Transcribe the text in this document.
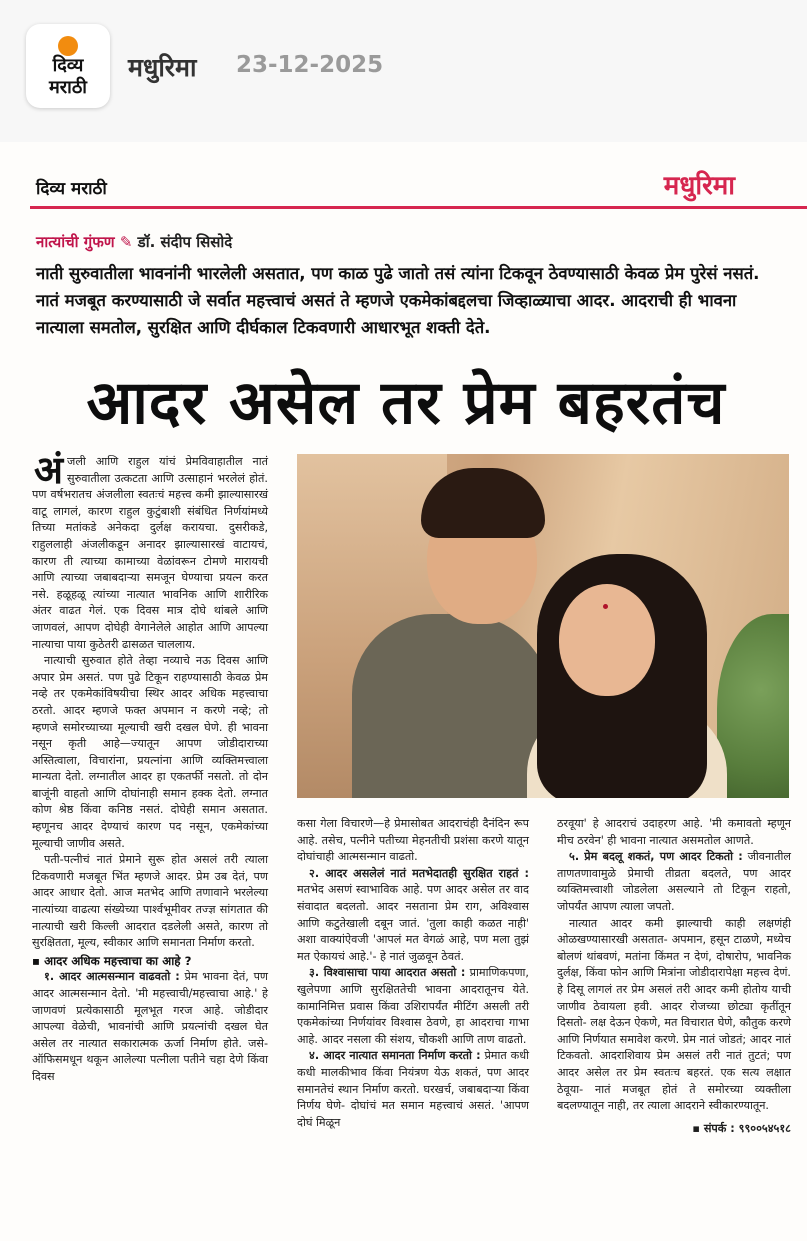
दिव्य
मराठी
मधुरिमा 23-12-2025
दिव्य मराठी	मधुरिमा
नात्यांची गुंफण ✎ डॉ. संदीप सिसोदे
नाती सुरुवातीला भावनांनी भारलेली असतात, पण काळ पुढे जातो तसं त्यांना टिकवून ठेवण्यासाठी केवळ प्रेम पुरेसं नसतं. नातं मजबूत करण्यासाठी जे सर्वात महत्त्वाचं असतं ते म्हणजे एकमेकांबद्दलचा जिव्हाळ्याचा आदर. आदराची ही भावना नात्याला समतोल, सुरक्षित आणि दीर्घकाल टिकवणारी आधारभूत शक्ती देते.
आदर असेल तर प्रेम बहरतंच

अंजली आणि राहुल यांचं प्रेमविवाहातील नातं सुरुवातीला उत्कटता आणि उत्साहानं भरलेलं होतं. पण वर्षभरातच अंजलीला स्वतःचं महत्त्व कमी झाल्यासारखं वाटू लागलं, कारण राहुल कुटुंबाशी संबंधित निर्णयांमध्ये तिच्या मतांकडे अनेकदा दुर्लक्ष करायचा. दुसरीकडे, राहुललाही अंजलीकडून अनादर झाल्यासारखं वाटायचं, कारण ती त्याच्या कामाच्या वेळांवरून टोमणे मारायची आणि त्याच्या जबाबदाऱ्या समजून घेण्याचा प्रयत्न करत नसे. हळूहळू त्यांच्या नात्यात भावनिक आणि शारीरिक अंतर वाढत गेलं. एक दिवस मात्र दोघे थांबले आणि जाणवलं, आपण दोघेही वेगानेलेले आहोत आणि आपल्या नात्याचा पाया कुठेतरी ढासळत चाललाय.

नात्याची सुरुवात होते तेव्हा नव्याचे नऊ दिवस आणि अपार प्रेम असतं. पण पुढे टिकून राहण्यासाठी केवळ प्रेम नव्हे तर एकमेकांविषयीचा स्थिर आदर अधिक महत्त्वाचा ठरतो. आदर म्हणजे फक्त अपमान न करणे नव्हे; तो म्हणजे समोरच्याच्या मूल्याची खरी दखल घेणे. ही भावना नसून कृती आहे—ज्यातून आपण जोडीदाराच्या अस्तित्वाला, विचारांना, प्रयत्नांना आणि व्यक्तिमत्त्वाला मान्यता देतो. लग्नातील आदर हा एकतर्फी नसतो. तो दोन बाजूंनी वाहतो आणि दोघांनाही समान हक्क देतो. लग्नात कोण श्रेष्ठ किंवा कनिष्ठ नसतं. दोघेही समान असतात. म्हणूनच आदर देण्याचं कारण पद नसून, एकमेकांच्या मूल्याची जाणीव असते.

पती-पत्नीचं नातं प्रेमाने सुरू होत असलं तरी त्याला टिकवणारी मजबूत भिंत म्हणजे आदर. प्रेम उब देतं, पण आदर आधार देतो. आज मतभेद आणि तणावाने भरलेल्या नात्यांच्या वाढत्या संख्येच्या पार्श्वभूमीवर तज्ज्ञ सांगतात की नात्याची खरी किल्ली आदरात दडलेली असते, कारण तो सुरक्षितता, मूल्य, स्वीकार आणि समानता निर्माण करतो.

▪ आदर अधिक महत्त्वाचा का आहे ?

१. आदर आत्मसन्मान वाढवतो : प्रेम भावना देतं, पण आदर आत्मसन्मान देतो. 'मी महत्त्वाची/महत्त्वाचा आहे.' हे जाणवणं प्रत्येकासाठी मूलभूत गरज आहे. जोडीदार आपल्या वेळेची, भावनांची आणि प्रयत्नांची दखल घेत असेल तर नात्यात सकारात्मक ऊर्जा निर्माण होते. जसे- ऑफिसमधून थकून आलेल्या पत्नीला पतीने चहा देणे किंवा दिवस

कसा गेला विचारणे—हे प्रेमासोबत आदराचंही दैनंदिन रूप आहे. तसेच, पत्नीने पतीच्या मेहनतीची प्रशंसा करणे यातून दोघांचाही आत्मसन्मान वाढतो.

२. आदर असलेलं नातं मतभेदातही सुरक्षित राहतं : मतभेद असणं स्वाभाविक आहे. पण आदर असेल तर वाद संवादात बदलतो. आदर नसताना प्रेम राग, अविश्वास आणि कटुतेखाली दबून जातं. 'तुला काही कळत नाही' अशा वाक्यांऐवजी 'आपलं मत वेगळं आहे, पण मला तुझं मत ऐकायचं आहे.'- हे नातं जुळवून ठेवतं.

३. विश्वासाचा पाया आदरात असतो : प्रामाणिकपणा, खुलेपणा आणि सुरक्षिततेची भावना आदरातूनच येते. कामानिमित्त प्रवास किंवा उशिरापर्यंत मीटिंग असली तरी एकमेकांच्या निर्णयांवर विश्वास ठेवणे, हा आदराचा गाभा आहे. आदर नसला की संशय, चौकशी आणि ताण वाढतो.

४. आदर नात्यात समानता निर्माण करतो : प्रेमात कधी कधी मालकीभाव किंवा नियंत्रण येऊ शकतं, पण आदर समानतेचं स्थान निर्माण करतो. घरखर्च, जबाबदाऱ्या किंवा निर्णय घेणे- दोघांचं मत समान महत्त्वाचं असतं. 'आपण दोघं मिळून

ठरवूया' हे आदराचं उदाहरण आहे. 'मी कमावतो म्हणून मीच ठरवेन' ही भावना नात्यात असमतोल आणते.

५. प्रेम बदलू शकतं, पण आदर टिकतो : जीवनातील ताणतणावामुळे प्रेमाची तीव्रता बदलते, पण आदर व्यक्तिमत्त्वाशी जोडलेला असल्याने तो टिकून राहतो, जोपर्यंत आपण त्याला जपतो.

नात्यात आदर कमी झाल्याची काही लक्षणंही ओळखण्यासारखी असतात- अपमान, हसून टाळणे, मध्येच बोलणं थांबवणं, मतांना किंमत न देणं, दोषारोप, भावनिक दुर्लक्ष, किंवा फोन आणि मित्रांना जोडीदारापेक्षा महत्त्व देणं. हे दिसू लागलं तर प्रेम असलं तरी आदर कमी होतोय याची जाणीव ठेवायला हवी. आदर रोजच्या छोट्या कृतींतून दिसतो- लक्ष देऊन ऐकणे, मत विचारात घेणे, कौतुक करणे आणि निर्णयात समावेश करणे. प्रेम नातं जोडतं; आदर नातं टिकवतो. आदराशिवाय प्रेम असलं तरी नातं तुटतं; पण आदर असेल तर प्रेम स्वतःच बहरतं. एक सत्य लक्षात ठेवूया- नातं मजबूत होतं ते समोरच्या व्यक्तीला बदलण्यातून नाही, तर त्याला आदराने स्वीकारण्यातून.

▪ संपर्क : ९९००५४५१८
